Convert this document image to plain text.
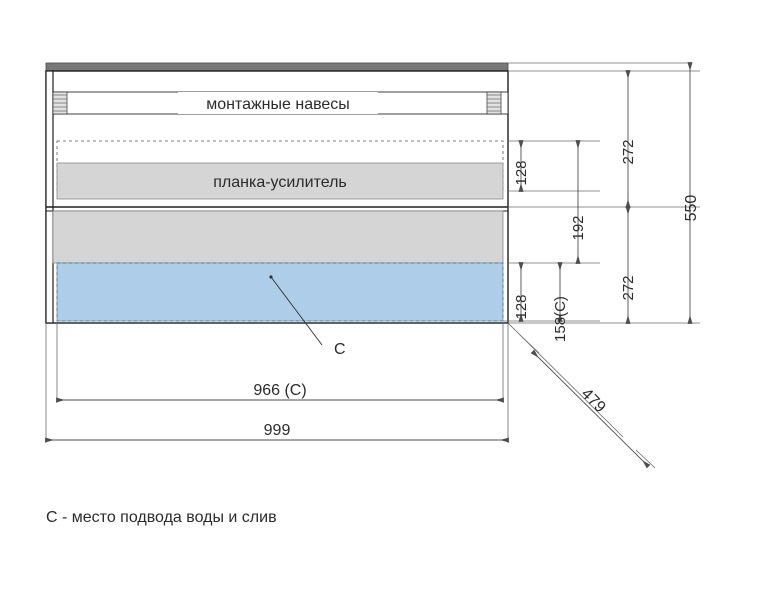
128
128
192
158(C)
272
272
550
966 (C)
999
479
монтажные навесы
планка-усилитель
C
C - место подвода воды и слив
